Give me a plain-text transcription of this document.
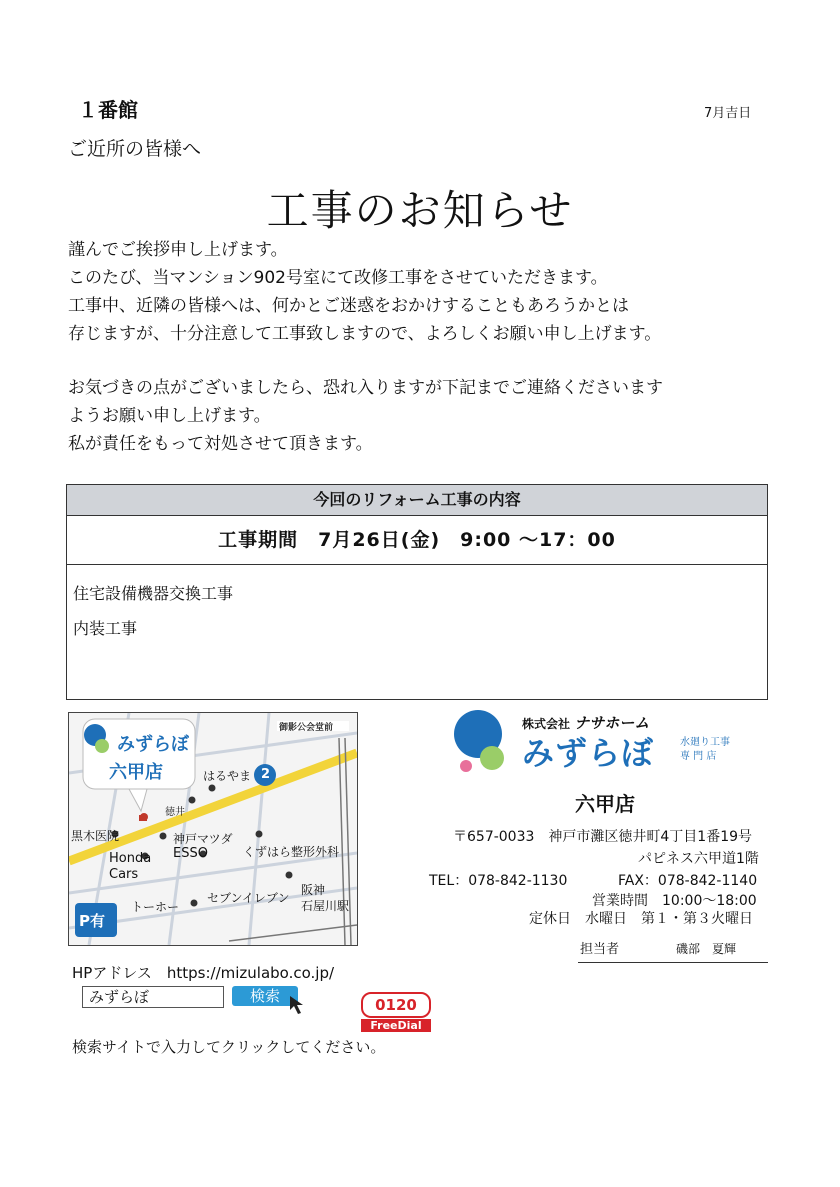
１番館	7月吉日
ご近所の皆様へ
工事のお知らせ
謹んでご挨拶申し上げます。
このたび、当マンション902号室にて改修工事をさせていただきます。
工事中、近隣の皆様へは、何かとご迷惑をおかけすることもあろうかとは
存じますが、十分注意して工事致しますので、よろしくお願い申し上げます。
お気づきの点がございましたら、恐れ入りますが下記までご連絡くださいます
ようお願い申し上げます。
私が責任をもって対処させて頂きます。
今回のリフォーム工事の内容
工事期間　7月26日(金)　9:00 ～17：00
住宅設備機器交換工事
内装工事
みずらぼ
六甲店
御影公会堂前
はるやま 2
徳井
黒木医院	神戸マツダ
ESSO
Honda
Cars
くずはら整形外科
トーホー
セブンイレブン
阪神
石屋川駅
P有
株式会社 ナサホーム
みずらぼ	水廻り工事
専 門 店
六甲店
〒657-0033　神戸市灘区徳井町4丁目1番19号
パピネス六甲道1階
TEL：078-842-1130	FAX：078-842-1140
営業時間　10:00～18:00
定休日　水曜日　第１・第３火曜日
担当者	磯部　夏輝
HPアドレス　https://mizulabo.co.jp/
みずらぼ	検索	0120
FreeDial
検索サイトで入力してクリックしてください。
